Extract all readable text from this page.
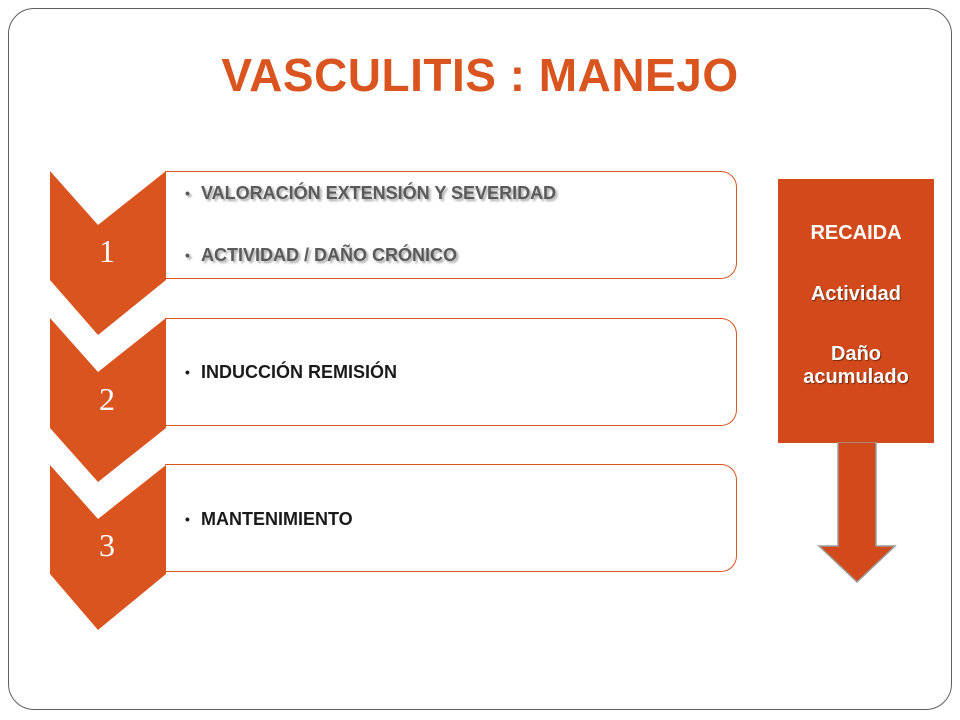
VASCULITIS : MANEJO
• VALORACIÓN EXTENSIÓN Y SEVERIDAD
• ACTIVIDAD / DAÑO CRÓNICO
• INDUCCIÓN REMISIÓN
• MANTENIMIENTO
1
2
3
RECAIDA
Actividad
Daño
acumulado
